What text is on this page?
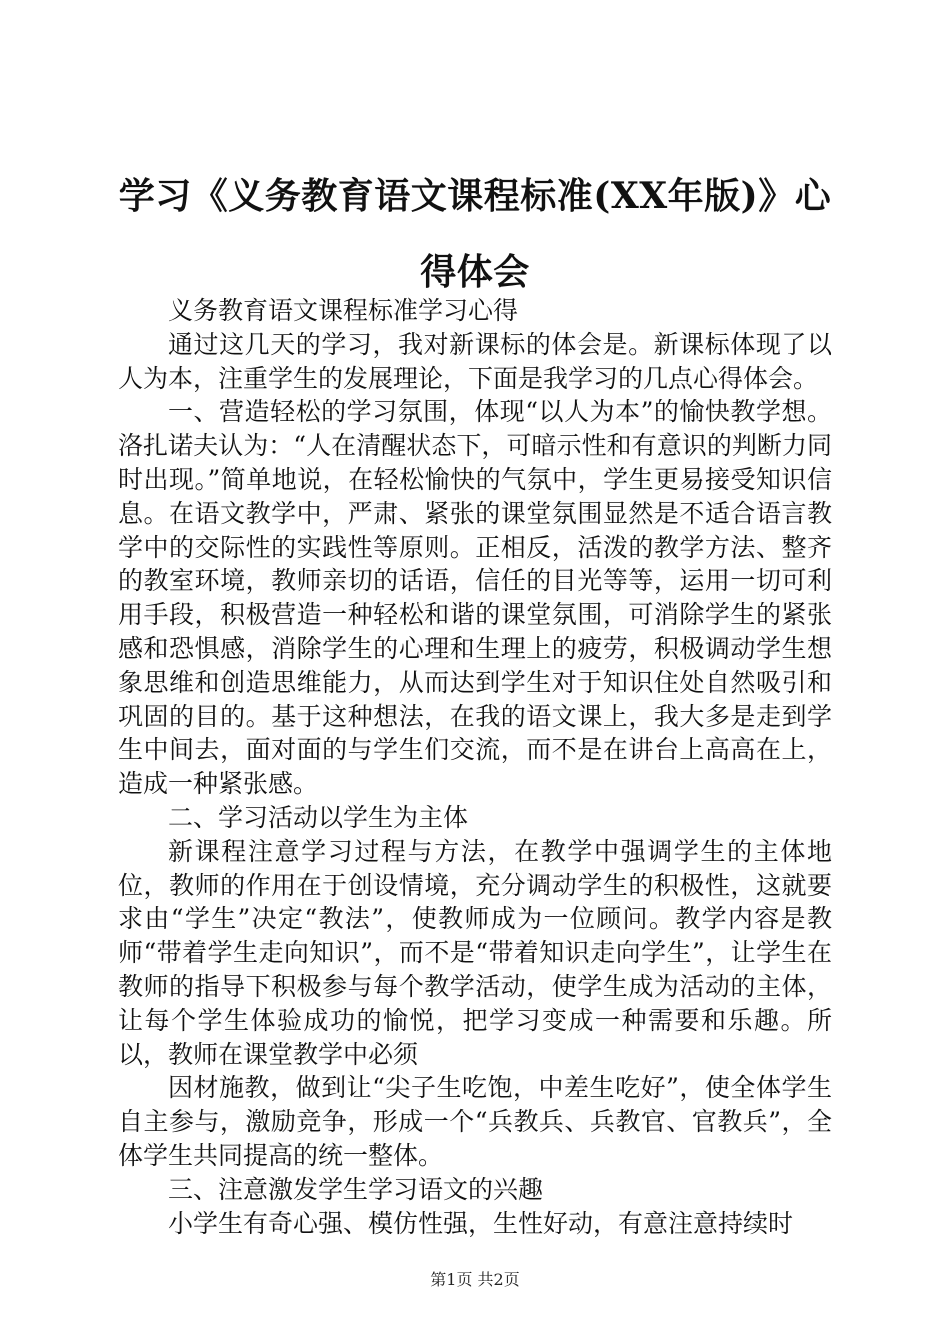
学习《义务教育语文课程标准(XX年版)》心得体会

义务教育语文课程标准学习心得

通过这几天的学习，我对新课标的体会是。新课标体现了以人为本，注重学生的发展理论，下面是我学习的几点心得体会。

一、营造轻松的学习氛围，体现“以人为本”的愉快教学想。洛扎诺夫认为：“人在清醒状态下，可暗示性和有意识的判断力同时出现。”简单地说，在轻松愉快的气氛中，学生更易接受知识信息。在语文教学中，严肃、紧张的课堂氛围显然是不适合语言教学中的交际性的实践性等原则。正相反，活泼的教学方法、整齐的教室环境，教师亲切的话语，信任的目光等等，运用一切可利用手段，积极营造一种轻松和谐的课堂氛围，可消除学生的紧张感和恐惧感，消除学生的心理和生理上的疲劳，积极调动学生想象思维和创造思维能力，从而达到学生对于知识住处自然吸引和巩固的目的。基于这种想法，在我的语文课上，我大多是走到学生中间去，面对面的与学生们交流，而不是在讲台上高高在上，造成一种紧张感。

二、学习活动以学生为主体

新课程注意学习过程与方法，在教学中强调学生的主体地位，教师的作用在于创设情境，充分调动学生的积极性，这就要求由“学生”决定“教法”，使教师成为一位顾问。教学内容是教师“带着学生走向知识”，而不是“带着知识走向学生”，让学生在教师的指导下积极参与每个教学活动，使学生成为活动的主体，让每个学生体验成功的愉悦，把学习变成一种需要和乐趣。所以，教师在课堂教学中必须

因材施教，做到让“尖子生吃饱，中差生吃好”，使全体学生自主参与，激励竞争，形成一个“兵教兵、兵教官、官教兵”，全体学生共同提高的统一整体。

三、注意激发学生学习语文的兴趣

小学生有奇心强、模仿性强，生性好动，有意注意持续时

第1页 共2页
